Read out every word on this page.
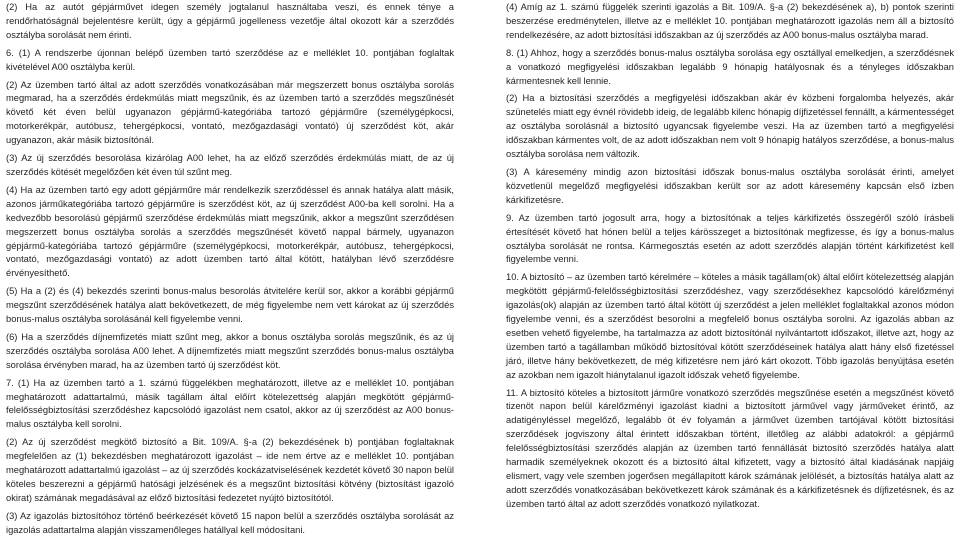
(2) Ha az autót gépjárművet idegen személy jogtalanul használtaba veszi, és ennek ténye a rendőrhatóságnál bejelentésre került, úgy a gépjármű jogelleness vezetője által okozott kár a szerződés osztályba sorolását nem érinti.

6. (1) A rendszerbe újonnan belépő üzemben tartó szerződése az e melléklet 10. pontjában foglaltak kivételével A00 osztályba kerül.

(2) Az üzemben tartó által az adott szerződés vonatkozásában már megszerzett bonus osztályba sorolás megmarad, ha a szerződés érdekmúlás miatt megszűnik, és az üzemben tartó a szerződés megszűnését követő két éven belül ugyanazon gépjármű-kategóriába tartozó gépjárműre (személygépkocsi, motorkerékpár, autóbusz, tehergépkocsi, vontató, mezőgazdasági vontató) új szerződést köt, akár ugyanazon, akár másik biztosítónál.

(3) Az új szerződés besorolása kizárólag A00 lehet, ha az előző szerződés érdekmúlás miatt, de az új szerződés kötését megelőzően két éven túl szűnt meg.

(4) Ha az üzemben tartó egy adott gépjárműre már rendelkezik szerződéssel és annak hatálya alatt másik, azonos járműkategóriába tartozó gépjárműre is szerződést köt, az új szerződést A00-ba kell sorolni. Ha a kedvezőbb besorolású gépjármű szerződése érdekmúlás miatt megszűnik, akkor a megszűnt szerződésen megszerzett bonus osztályba sorolás a szerződés megszűnését követő nappal bármely, ugyanazon gépjármű-kategóriába tartozó gépjárműre (személygépkocsi, motorkerékpár, autóbusz, tehergépkocsi, vontató, mezőgazdasági vontató) az adott üzemben tartó által kötött, hatályban lévő szerződésre érvényesíthető.

(5) Ha a (2) és (4) bekezdés szerinti bonus-malus besorolás átvitelére kerül sor, akkor a korábbi gépjármű megszűnt szerződésének hatálya alatt bekövetkezett, de még figyelembe nem vett károkat az új szerződés bonus-malus osztályba sorolásánál kell figyelembe venni.

(6) Ha a szerződés díjnemfizetés miatt szűnt meg, akkor a bonus osztályba sorolás megszűnik, és az új szerződés osztályba sorolása A00 lehet. A díjnemfizetés miatt megszűnt szerződés bonus-malus osztályba sorolása érvényben marad, ha az üzemben tartó új szerződést köt.

7. (1) Ha az üzemben tartó a 1. számú függelékben meghatározott, illetve az e melléklet 10. pontjában meghatározott adattartalmú, másik tagállam által előírt kötelezettség alapján megkötött gépjármű-felelősségbiztosítási szerződéshez kapcsolódó igazolást nem csatol, akkor az új szerződést az A00 bonus-malus osztályba kell sorolni.

(2) Az új szerződést megkötő biztosító a Bit. 109/A. §-a (2) bekezdésének b) pontjában foglaltaknak megfelelően az (1) bekezdésben meghatározott igazolást – ide nem értve az e melléklet 10. pontjában meghatározott adattartalmú igazolást – az új szerződés kockázatviselésének kezdetét követő 30 napon belül köteles beszerezni a gépjármű hatósági jelzésének és a megszűnt biztosítási kötvény (biztosítást igazoló okirat) számának megadásával az előző biztosítási fedezetet nyújtó biztosítótól.

(3) Az igazolás biztosítóhoz történő beérkezését követő 15 napon belül a szerződés osztályba sorolását az igazolás adattartalma alapján visszamenőleges hatállyal kell módosítani.

(4) Amíg az 1. számú függelék szerinti igazolás a Bit. 109/A. §-a (2) bekezdésének a), b) pontok szerinti beszerzése eredménytelen, illetve az e melléklet 10. pontjában meghatározott igazolás nem áll a biztosító rendelkezésére, az adott biztosítási időszakban az új szerződés az A00 bonus-malus osztályba marad.

8. (1) Ahhoz, hogy a szerződés bonus-malus osztályba sorolása egy osztállyal emelkedjen, a szerződésnek a vonatkozó megfigyelési időszakban legalább 9 hónapig hatályosnak és a tényleges időszakban kármentesnek kell lennie.

(2) Ha a biztosítási szerződés a megfigyelési időszakban akár év közbeni forgalomba helyezés, akár szünetelés miatt egy évnél rövidebb ideig, de legalább kilenc hónapig díjfizetéssel fennállt, a kármentességet az osztályba sorolásnál a biztosító ugyancsak figyelembe veszi. Ha az üzemben tartó a megfigyelési időszakban kármentes volt, de az adott időszakban nem volt 9 hónapig hatályos szerződése, a bonus-malus osztályba sorolása nem változik.

(3) A káresemény mindig azon biztosítási időszak bonus-malus osztályba sorolását érinti, amelyet közvetlenül megelőző megfigyelési időszakban került sor az adott káresemény kapcsán első ízben kárkifizetésre.

9. Az üzemben tartó jogosult arra, hogy a biztosítónak a teljes kárkifizetés összegéről szóló írásbeli értesítését követő hat hónen belül a teljes kárösszeget a biztosítónak megfizesse, és így a bonus-malus osztályba sorolását ne rontsa. Kármegosztás esetén az adott szerződés alapján történt kárkifizetést kell figyelembe venni.

10. A biztosító – az üzemben tartó kérelmére – köteles a másik tagállam(ok) által előírt kötelezettség alapján megkötött gépjármű-felelősségbiztosítási szerződéshez, vagy szerződésekhez kapcsolódó kárelőzményi igazolás(ok) alapján az üzemben tartó által kötött új szerződést a jelen melléklet foglaltakkal azonos módon figyelembe venni, és a szerződést besorolni a megfelelő bonus osztályba sorolni. Az igazolás abban az esetben vehető figyelembe, ha tartalmazza az adott biztosítónál nyilvántartott időszakot, illetve azt, hogy az üzemben tartó a tagállamban működő biztosítóval kötött szerződéseinek hatálya alatt hány első fizetéssel járó, illetve hány bekövetkezett, de még kifizetésre nem járó kárt okozott. Több igazolás benyújtása esetén az azokban nem igazolt hiánytalanul igazolt időszak vehető figyelembe.

11. A biztosító köteles a biztosított járműre vonatkozó szerződés megszűnése esetén a megszűnést követő tizenöt napon belül kárelőzményi igazolást kiadni a biztosított járművel vagy járműveket érintő, az adatigényléssel megelőző, legalább öt év folyamán a járművet üzemben tartójával kötött biztosítási szerződések jogviszony által érintett időszakban történt, illetőleg az alábbi adatokról: a gépjármű felelősségbiztosítási szerződés alapján az üzemben tartó fennállását biztosító szerződés hatálya alatt harmadik személyeknek okozott és a biztosító által kifizetett, vagy a biztosító által kiadásának napjáig elismert, vagy vele szemben jogerősen megállapított károk számának jelölését, a biztosítás hatálya alatt az adott szerződés vonatkozásában bekövetkezett károk számának és a kárkifizetésnek és díjfizetésnek, és az üzemben tartó által az adott szerződés vonatkozó nyilatkozat.
